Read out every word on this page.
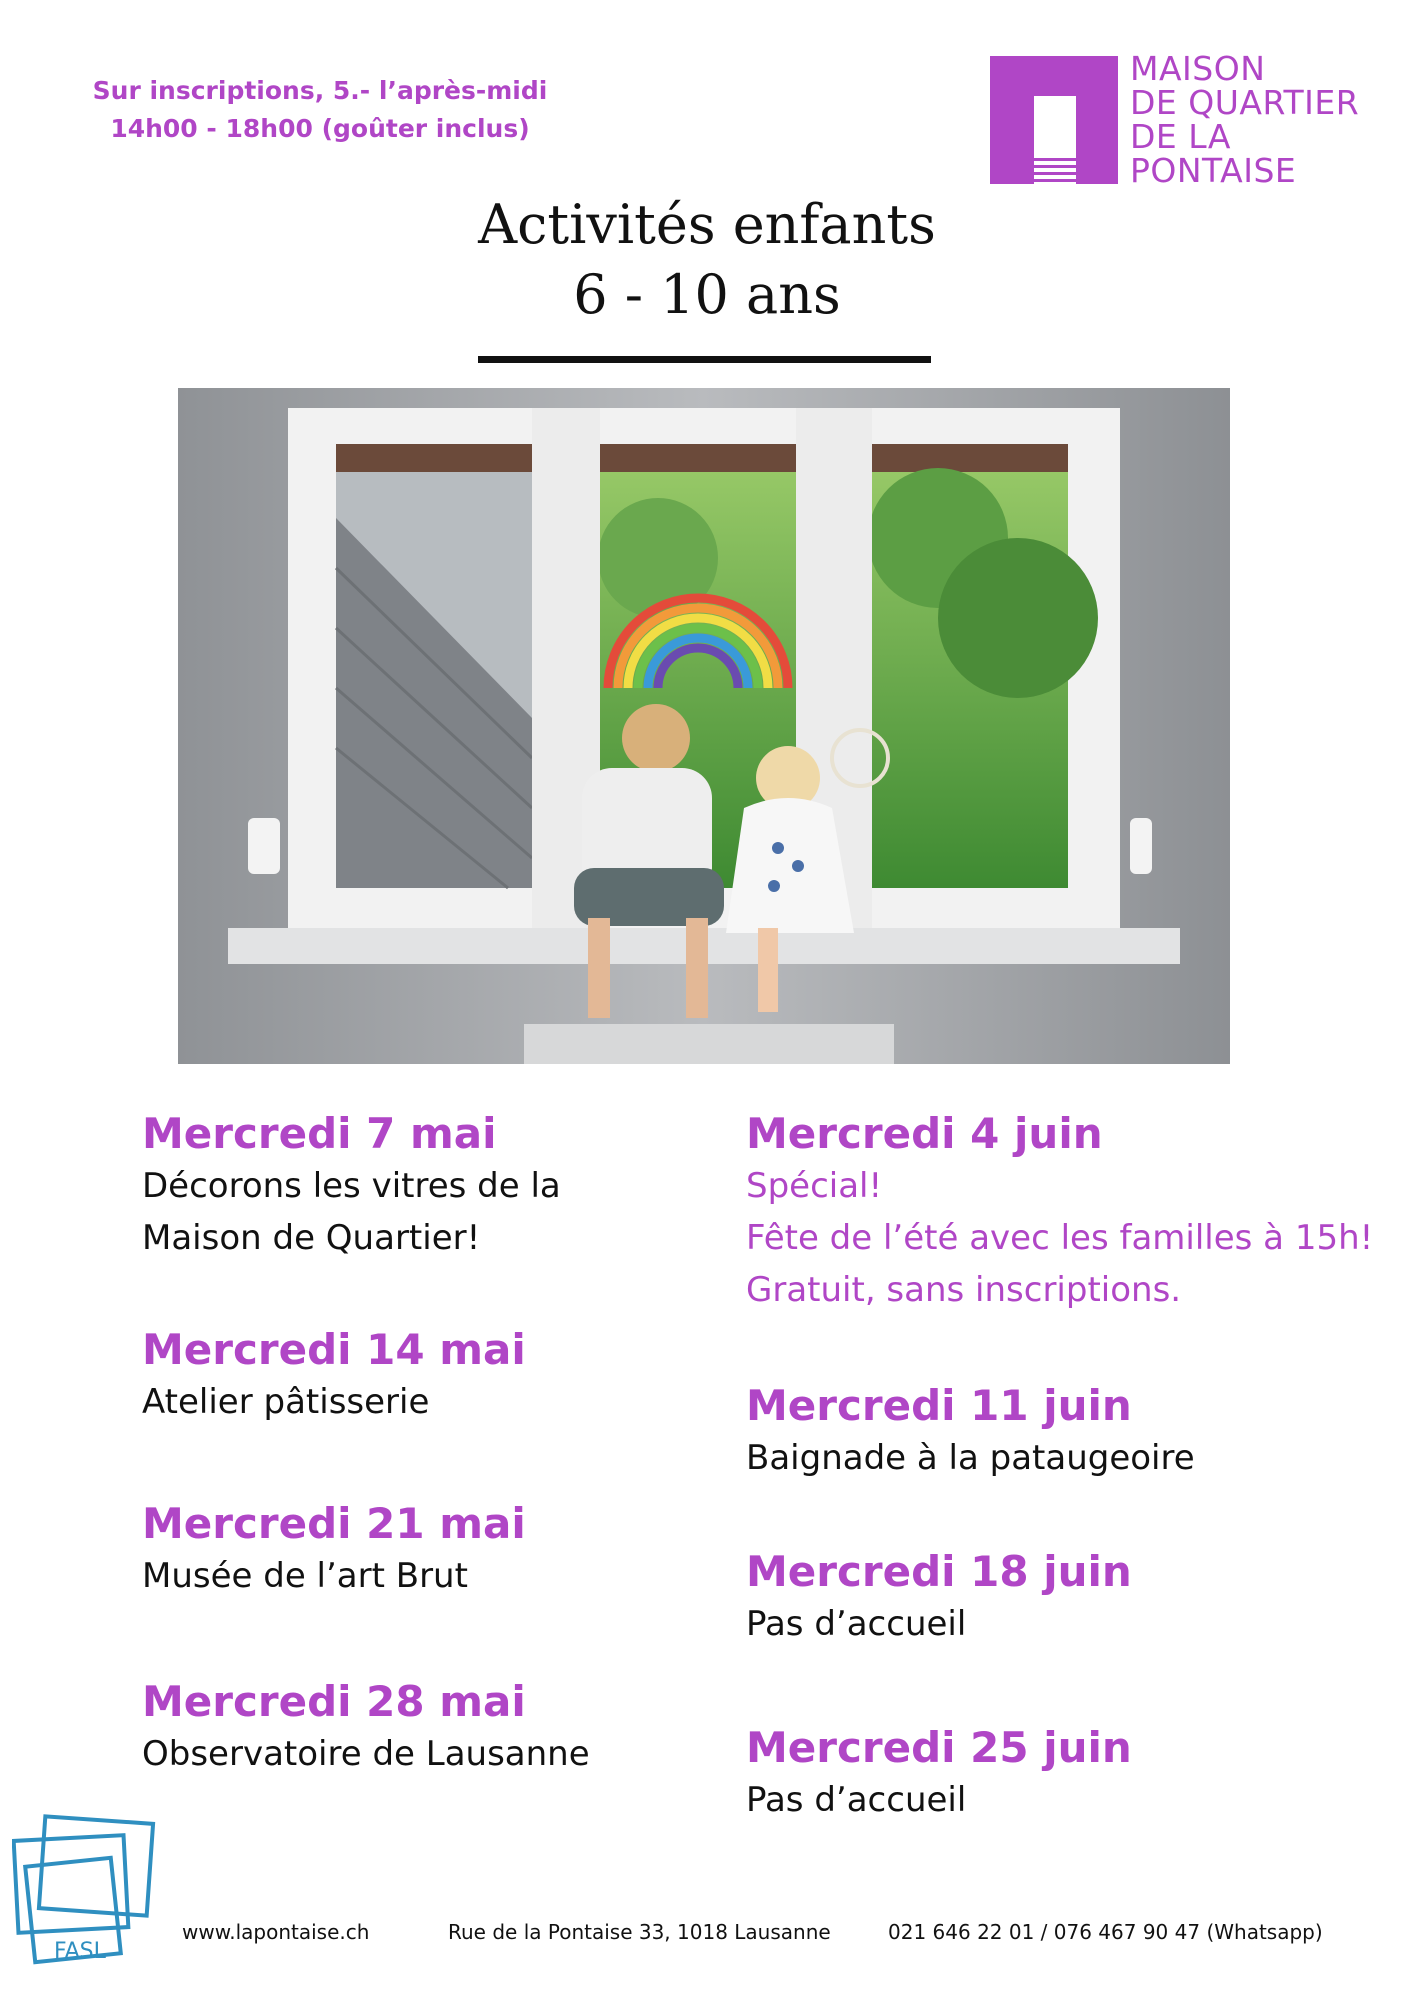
Sur inscriptions, 5.- l’après-midi
14h00 - 18h00 (goûter inclus)
MAISON
DE QUARTIER
DE LA
PONTAISE
Activités enfants
6 - 10 ans
Mercredi 7 mai
Décorons les vitres de la
Maison de Quartier!
Mercredi 14 mai
Atelier pâtisserie
Mercredi 21 mai
Musée de l’art Brut
Mercredi 28 mai
Observatoire de Lausanne
Mercredi 4 juin
Spécial!
Fête de l’été avec les familles à 15h!
Gratuit, sans inscriptions.
Mercredi 11 juin
Baignade à la pataugeoire
Mercredi 18 juin
Pas d’accueil
Mercredi 25 juin
Pas d’accueil
FASL
www.lapontaise.ch	Rue de la Pontaise 33, 1018 Lausanne	021 646 22 01 / 076 467 90 47 (Whatsapp)
